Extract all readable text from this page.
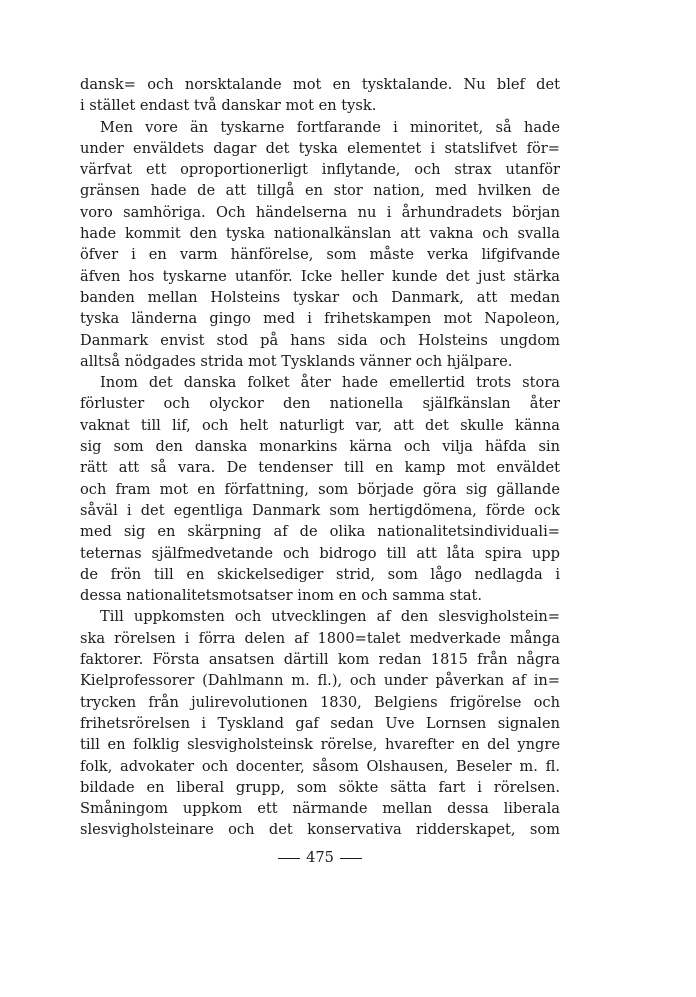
dansk= och norsktalande mot en tysktalande. Nu blef det
i stället endast två danskar mot en tysk.
Men vore än tyskarne fortfarande i minoritet, så hade
under enväldets dagar det tyska elementet i statslifvet för=
värfvat ett oproportionerligt inflytande, och strax utanför
gränsen hade de att tillgå en stor nation, med hvilken de
voro samhöriga. Och händelserna nu i århundradets början
hade kommit den tyska nationalkänslan att vakna och svalla
öfver i en varm hänförelse, som måste verka lifgifvande
äfven hos tyskarne utanför. Icke heller kunde det just stärka
banden mellan Holsteins tyskar och Danmark, att medan
tyska länderna gingo med i frihetskampen mot Napoleon,
Danmark envist stod på hans sida och Holsteins ungdom
alltså nödgades strida mot Tysklands vänner och hjälpare.
Inom det danska folket åter hade emellertid trots stora
förluster och olyckor den nationella själfkänslan åter
vaknat till lif, och helt naturligt var, att det skulle känna
sig som den danska monarkins kärna och vilja häfda sin
rätt att så vara. De tendenser till en kamp mot enväldet
och fram mot en författning, som började göra sig gällande
såväl i det egentliga Danmark som hertigdömena, förde ock
med sig en skärpning af de olika nationalitetsindividuali=
teternas själfmedvetande och bidrogo till att låta spira upp
de frön till en skickelsediger strid, som lågo nedlagda i
dessa nationalitetsmotsatser inom en och samma stat.
Till uppkomsten och utvecklingen af den slesvigholstein=
ska rörelsen i förra delen af 1800=talet medverkade många
faktorer. Första ansatsen därtill kom redan 1815 från några
Kielprofessorer (Dahlmann m. fl.), och under påverkan af in=
trycken från julirevolutionen 1830, Belgiens frigörelse och
frihetsrörelsen i Tyskland gaf sedan Uve Lornsen signalen
till en folklig slesvigholsteinsk rörelse, hvarefter en del yngre
folk, advokater och docenter, såsom Olshausen, Beseler m. fl.
bildade en liberal grupp, som sökte sätta fart i rörelsen.
Småningom uppkom ett närmande mellan dessa liberala
slesvigholsteinare och det konservativa ridderskapet, som
475
